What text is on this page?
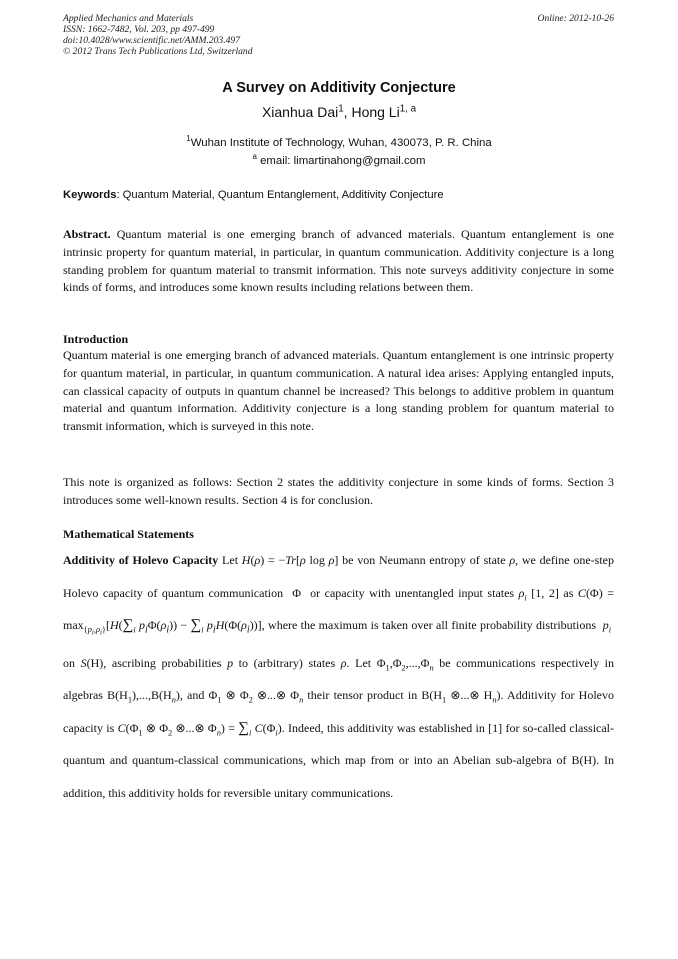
Applied Mechanics and Materials
ISSN: 1662-7482, Vol. 203, pp 497-499
doi:10.4028/www.scientific.net/AMM.203.497
© 2012 Trans Tech Publications Ltd, Switzerland
Online: 2012-10-26
A Survey on Additivity Conjecture
Xianhua Dai$^1$, Hong Li$^{1, a}$
$^1$Wuhan Institute of Technology, Wuhan, 430073, P. R. China
$^a$ email: limartinahong@gmail.com
Keywords: Quantum Material, Quantum Entanglement, Additivity Conjecture
Abstract. Quantum material is one emerging branch of advanced materials. Quantum entanglement is one intrinsic property for quantum material, in particular, in quantum communication. Additivity conjecture is a long standing problem for quantum material to transmit information. This note surveys additivity conjecture in some kinds of forms, and introduces some known results including relations between them.
Introduction
Quantum material is one emerging branch of advanced materials. Quantum entanglement is one intrinsic property for quantum material, in particular, in quantum communication. A natural idea arises: Applying entangled inputs, can classical capacity of outputs in quantum channel be increased? This belongs to additive problem in quantum material and quantum information. Additivity conjecture is a long standing problem for quantum material to transmit information, which is surveyed in this note.
This note is organized as follows: Section 2 states the additivity conjecture in some kinds of forms. Section 3 introduces some well-known results. Section 4 is for conclusion.
Mathematical Statements
Additivity of Holevo Capacity Let H(ρ) = −Tr[ρ log ρ] be von Neumann entropy of state ρ, we define one-step Holevo capacity of quantum communication  Φ  or capacity with unentangled input states $\rho_i$ [1, 2] as $C(\Phi) = \max_{\{p_i,\rho_i\}}[H(\sum_i$ $p_i\Phi(\rho_i)) - \sum_i$ $p_iH(\Phi(\rho_i))$], where the maximum is taken over all finite probability distributions  $p_i$  on S(H), ascribing probabilities p to (arbitrary) states ρ. Let $\Phi_1,\Phi_2,...,\Phi_n$ be communications respectively in algebras $B(H_1),...,B(H_n)$, and $\Phi_1$ ⊗ $\Phi_2$ ⊗...⊗ $\Phi_n$ their tensor product in $B(H_1$ ⊗...⊗ $H_n$). Additivity for Holevo capacity is $C(\Phi_1$ ⊗ $\Phi_2$ ⊗...⊗ $\Phi_n) = \sum_i$ $C(\Phi_i)$. Indeed, this additivity was established in [1] for so-called classical-quantum and quantum-classical communications, which map from or into an Abelian sub-algebra of B(H). In addition, this additivity holds for reversible unitary communications.
